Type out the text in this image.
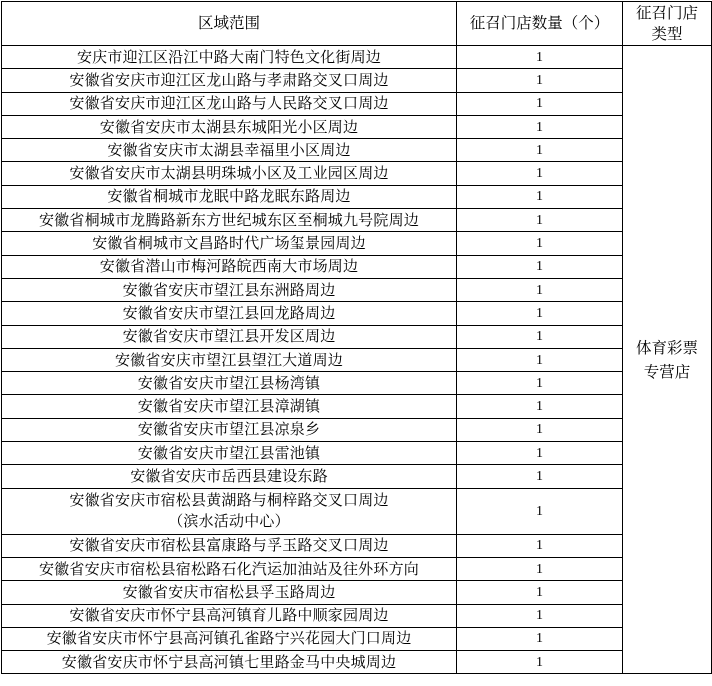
区域范围	征召门店数量（个）	征召门店
类型

安庆市迎江区沿江中路大南门特色文化街周边	1	体育彩票
专营店

安徽省安庆市迎江区龙山路与孝肃路交叉口周边	1	
安徽省安庆市迎江区龙山路与人民路交叉口周边	1	
安徽省安庆市太湖县东城阳光小区周边	1	
安徽省安庆市太湖县幸福里小区周边	1	
安徽省安庆市太湖县明珠城小区及工业园区周边	1	
安徽省桐城市龙眠中路龙眠东路周边	1	
安徽省桐城市龙腾路新东方世纪城东区至桐城九号院周边	1	
安徽省桐城市文昌路时代广场玺景园周边	1	
安徽省潜山市梅河路皖西南大市场周边	1	
安徽省安庆市望江县东洲路周边	1	
安徽省安庆市望江县回龙路周边	1	
安徽省安庆市望江县开发区周边	1	
安徽省安庆市望江县望江大道周边	1	
安徽省安庆市望江县杨湾镇	1	
安徽省安庆市望江县漳湖镇	1	
安徽省安庆市望江县凉泉乡	1	
安徽省安庆市望江县雷池镇	1	
安徽省安庆市岳西县建设东路	1	

安徽省安庆市宿松县黄湖路与桐梓路交叉口周边
（滨水活动中心）	1	
安徽省安庆市宿松县富康路与孚玉路交叉口周边	1	
安徽省安庆市宿松县宿松路石化汽运加油站及往外环方向	1	
安徽省安庆市宿松县孚玉路周边	1	
安徽省安庆市怀宁县高河镇育儿路中顺家园周边	1	
安徽省安庆市怀宁县高河镇孔雀路宁兴花园大门口周边	1	
安徽省安庆市怀宁县高河镇七里路金马中央城周边	1	
